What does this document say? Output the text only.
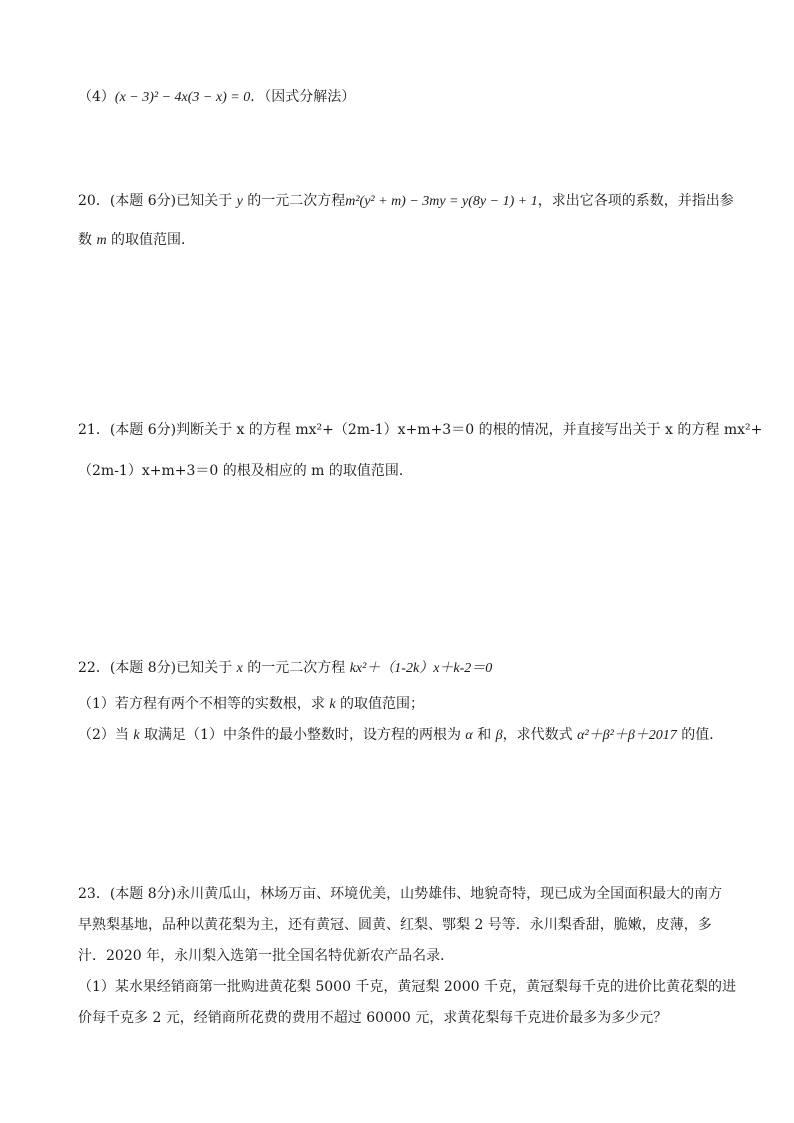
（4）(x − 3)² − 4x(3 − x) = 0．（因式分解法）
20．(本题 6分)已知关于 y 的一元二次方程m²(y² + m) − 3my = y(8y − 1) + 1，求出它各项的系数，并指出参
数 m 的取值范围．
21．(本题 6分)判断关于 x 的方程 mx²+（2m-1）x+m+3＝0 的根的情况，并直接写出关于 x 的方程 mx²+
（2m-1）x+m+3＝0 的根及相应的 m 的取值范围．
22．(本题 8分)已知关于 x 的一元二次方程 kx²＋（1-2k）x＋k-2＝0
（1）若方程有两个不相等的实数根，求 k 的取值范围；
（2）当 k 取满足（1）中条件的最小整数时，设方程的两根为 α 和 β，求代数式 α²＋β²＋β＋2017 的值．
23．(本题 8分)永川黄瓜山，林场万亩、环境优美，山势雄伟、地貌奇特，现已成为全国面积最大的南方
早熟梨基地，品种以黄花梨为主，还有黄冠、圆黄、红梨、鄂梨 2 号等．永川梨香甜，脆嫩，皮薄，多
汁．2020 年，永川梨入选第一批全国名特优新农产品名录．
（1）某水果经销商第一批购进黄花梨 5000 千克，黄冠梨 2000 千克，黄冠梨每千克的进价比黄花梨的进
价每千克多 2 元，经销商所花费的费用不超过 60000 元，求黄花梨每千克进价最多为多少元？
